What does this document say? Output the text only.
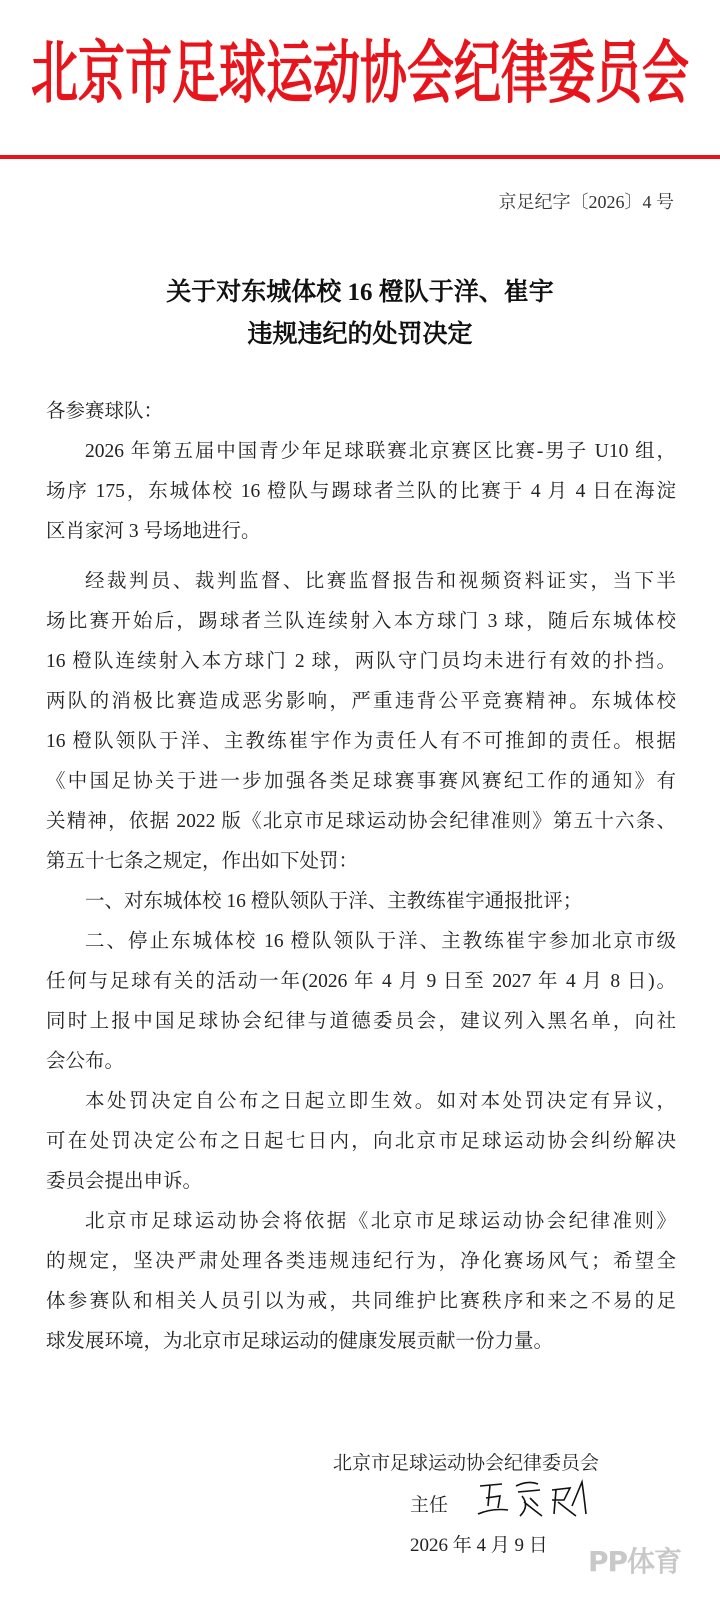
北京市足球运动协会纪律委员会
京足纪字〔2026〕4 号
关于对东城体校 16 橙队于洋、崔宇
违规违纪的处罚决定
各参赛球队：
2026 年第五届中国青少年足球联赛北京赛区比赛-男子 U10 组，
场序 175，东城体校 16 橙队与踢球者兰队的比赛于 4 月 4 日在海淀
区肖家河 3 号场地进行。
经裁判员、裁判监督、比赛监督报告和视频资料证实，当下半
场比赛开始后，踢球者兰队连续射入本方球门 3 球，随后东城体校
16 橙队连续射入本方球门 2 球，两队守门员均未进行有效的扑挡。
两队的消极比赛造成恶劣影响，严重违背公平竞赛精神。东城体校
16 橙队领队于洋、主教练崔宇作为责任人有不可推卸的责任。根据
《中国足协关于进一步加强各类足球赛事赛风赛纪工作的通知》有
关精神，依据 2022 版《北京市足球运动协会纪律准则》第五十六条、
第五十七条之规定，作出如下处罚：
一、对东城体校 16 橙队领队于洋、主教练崔宇通报批评；
二、停止东城体校 16 橙队领队于洋、主教练崔宇参加北京市级
任何与足球有关的活动一年(2026 年 4 月 9 日至 2027 年 4 月 8 日)。
同时上报中国足球协会纪律与道德委员会，建议列入黑名单，向社
会公布。
本处罚决定自公布之日起立即生效。如对本处罚决定有异议，
可在处罚决定公布之日起七日内，向北京市足球运动协会纠纷解决
委员会提出申诉。
北京市足球运动协会将依据《北京市足球运动协会纪律准则》
的规定，坚决严肃处理各类违规违纪行为，净化赛场风气；希望全
体参赛队和相关人员引以为戒，共同维护比赛秩序和来之不易的足
球发展环境，为北京市足球运动的健康发展贡献一份力量。
北京市足球运动协会纪律委员会
主任
2026 年 4 月 9 日 PP体育
